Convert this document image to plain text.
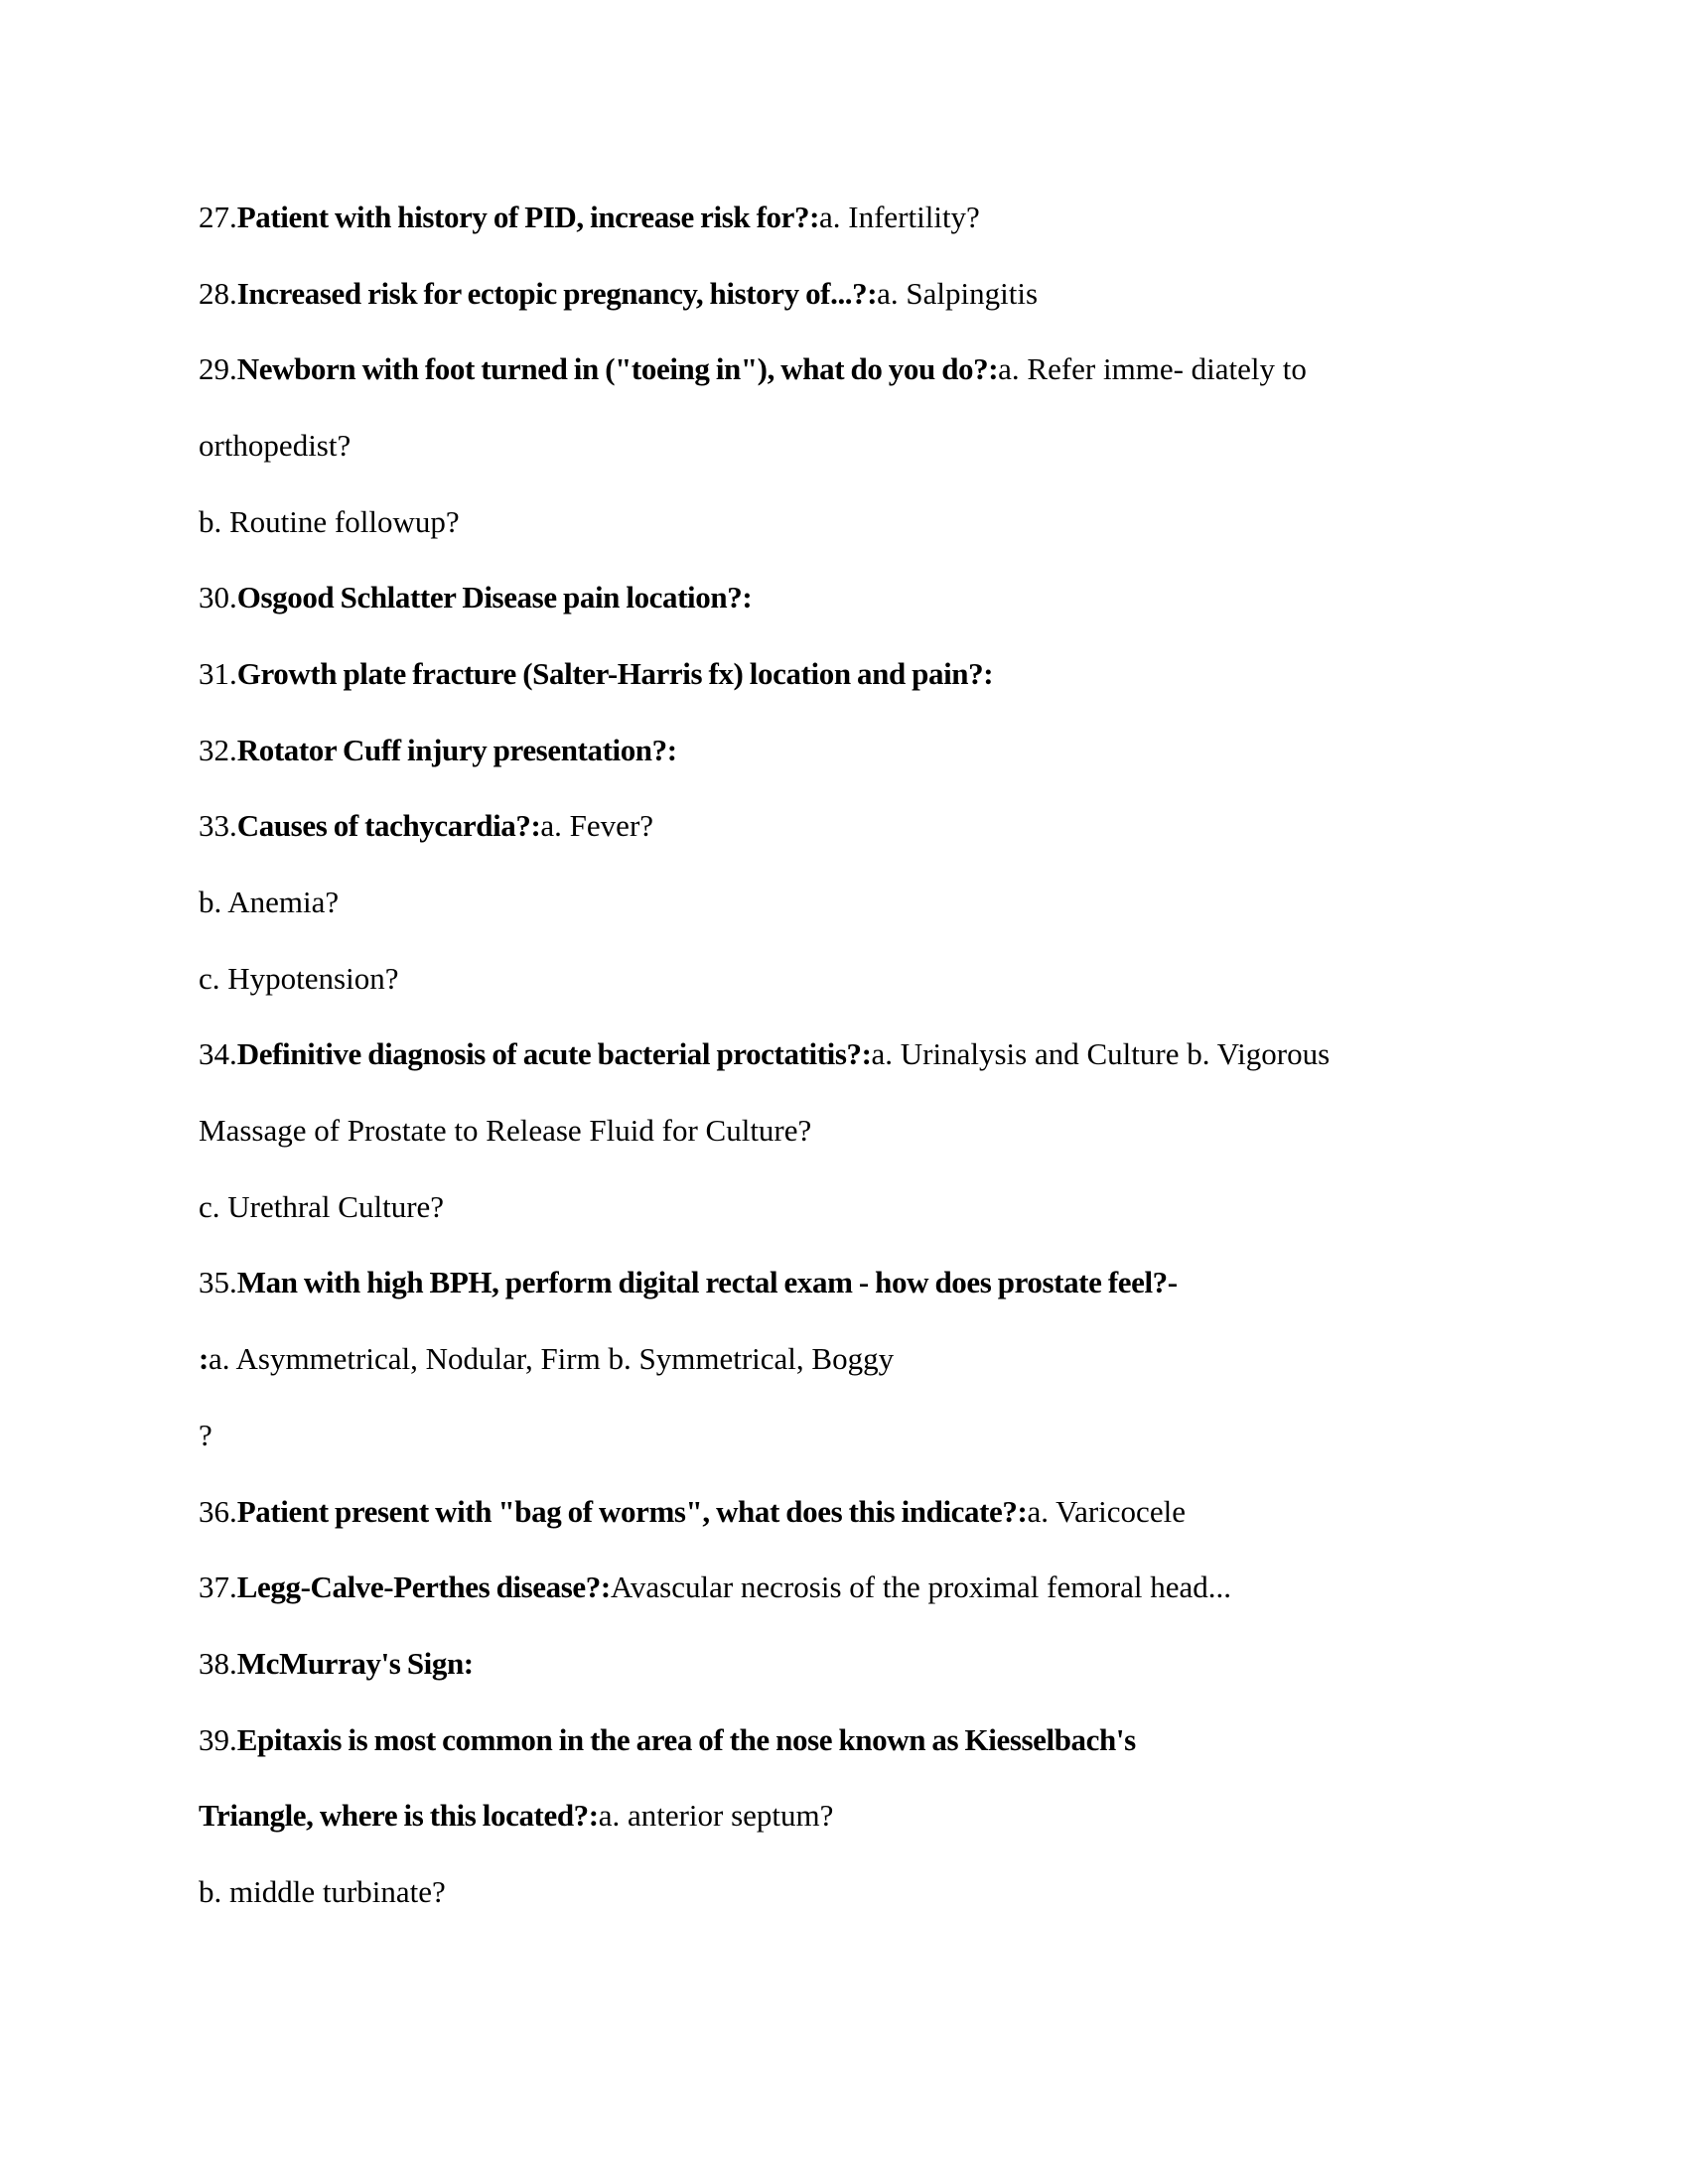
27. Patient with history of PID, increase risk for?: a. Infertility?
28. Increased risk for ectopic pregnancy, history of...?: a. Salpingitis
29. Newborn with foot turned in ("toeing in"), what do you do?: a. Refer imme- diately to
orthopedist?
b. Routine followup?
30. Osgood Schlatter Disease pain location?:
31. Growth plate fracture (Salter-Harris fx) location and pain?:
32. Rotator Cuff injury presentation?:
33. Causes of tachycardia?: a. Fever?
b. Anemia?
c. Hypotension?
34. Definitive diagnosis of acute bacterial proctatitis?: a. Urinalysis and Culture b. Vigorous
Massage of Prostate to Release Fluid for Culture?
c. Urethral Culture?
35. Man with high BPH, perform digital rectal exam - how does prostate feel?-
: a. Asymmetrical, Nodular, Firm b. Symmetrical, Boggy
?
36. Patient present with "bag of worms", what does this indicate?: a. Varicocele
37. Legg-Calve-Perthes disease?: Avascular necrosis of the proximal femoral head...
38. McMurray's Sign:
39. Epitaxis is most common in the area of the nose known as Kiesselbach's
Triangle, where is this located?: a. anterior septum?
b. middle turbinate?
